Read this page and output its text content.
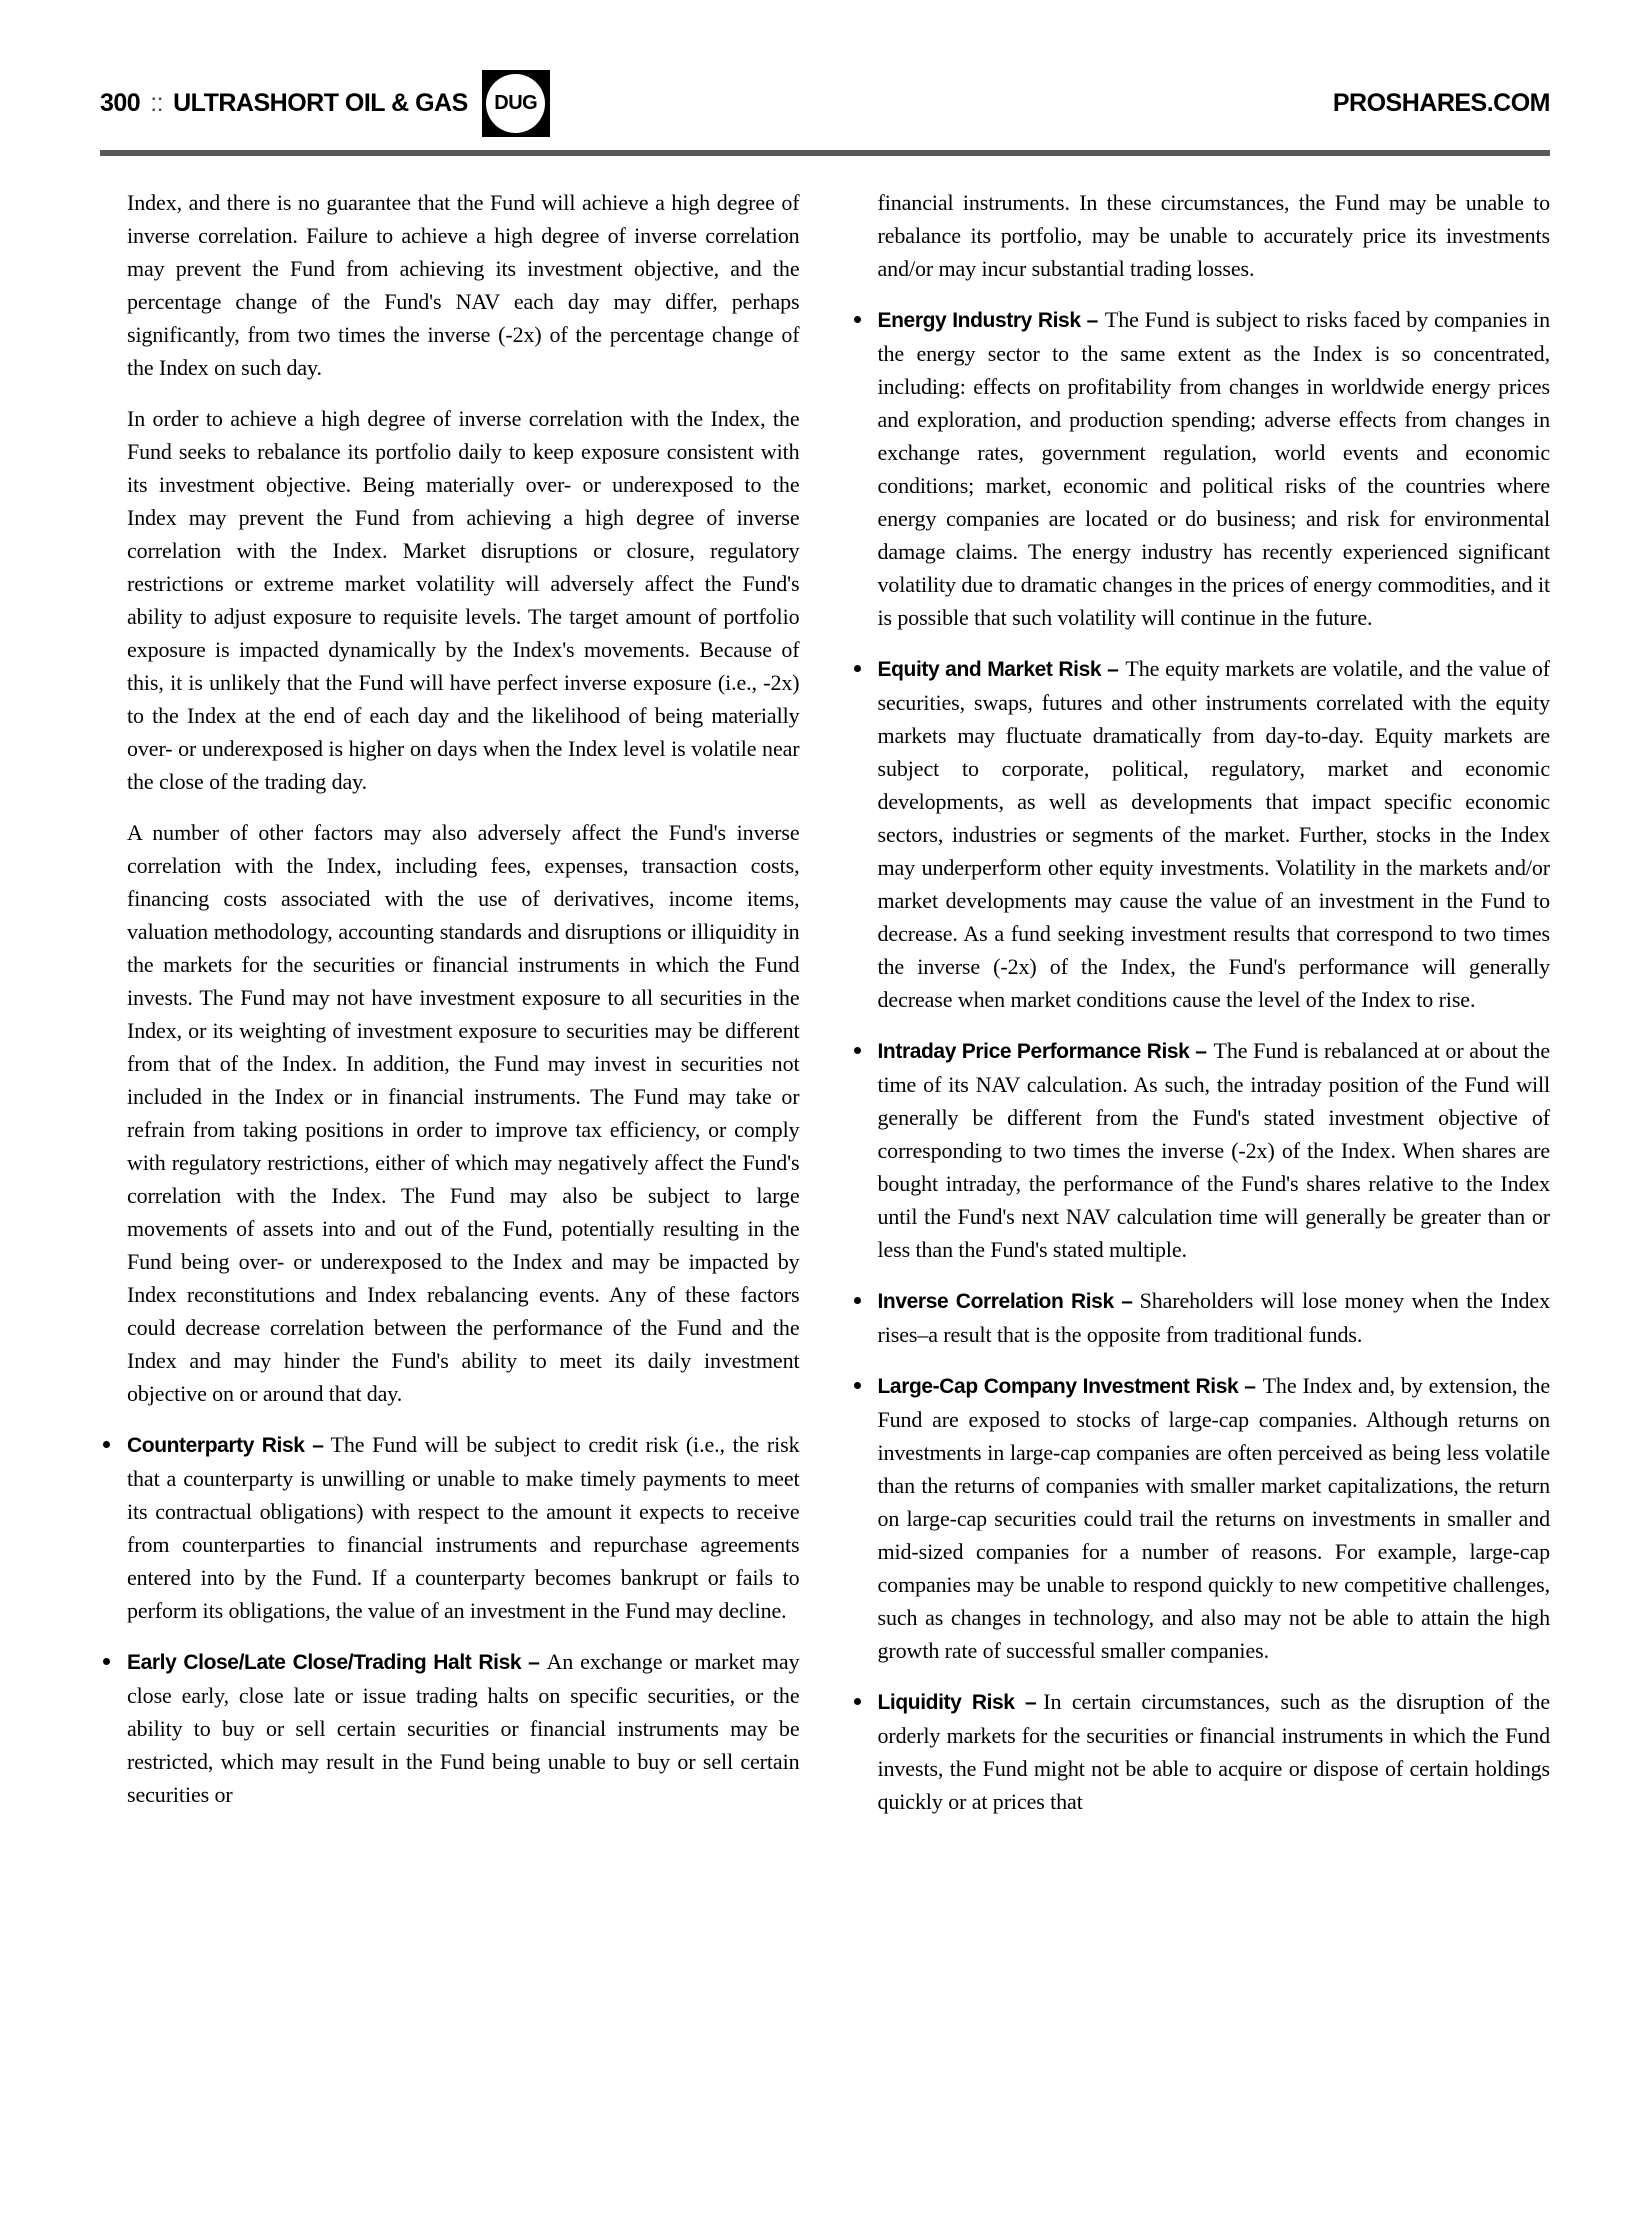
300 :: ULTRASHORT OIL & GAS DUG	PROSHARES.COM

Index, and there is no guarantee that the Fund will achieve a high degree of inverse correlation. Failure to achieve a high degree of inverse correlation may prevent the Fund from achieving its investment objective, and the percentage change of the Fund's NAV each day may differ, perhaps significantly, from two times the inverse (-2x) of the percentage change of the Index on such day.

In order to achieve a high degree of inverse correlation with the Index, the Fund seeks to rebalance its portfolio daily to keep exposure consistent with its investment objective. Being materially over- or underexposed to the Index may prevent the Fund from achieving a high degree of inverse correlation with the Index. Market disruptions or closure, regulatory restrictions or extreme market volatility will adversely affect the Fund's ability to adjust exposure to requisite levels. The target amount of portfolio exposure is impacted dynamically by the Index's movements. Because of this, it is unlikely that the Fund will have perfect inverse exposure (i.e., -2x) to the Index at the end of each day and the likelihood of being materially over- or underexposed is higher on days when the Index level is volatile near the close of the trading day.

A number of other factors may also adversely affect the Fund's inverse correlation with the Index, including fees, expenses, transaction costs, financing costs associated with the use of derivatives, income items, valuation methodology, accounting standards and disruptions or illiquidity in the markets for the securities or financial instruments in which the Fund invests. The Fund may not have investment exposure to all securities in the Index, or its weighting of investment exposure to securities may be different from that of the Index. In addition, the Fund may invest in securities not included in the Index or in financial instruments. The Fund may take or refrain from taking positions in order to improve tax efficiency, or comply with regulatory restrictions, either of which may negatively affect the Fund's correlation with the Index. The Fund may also be subject to large movements of assets into and out of the Fund, potentially resulting in the Fund being over- or underexposed to the Index and may be impacted by Index reconstitutions and Index rebalancing events. Any of these factors could decrease correlation between the performance of the Fund and the Index and may hinder the Fund's ability to meet its daily investment objective on or around that day.

Counterparty Risk – The Fund will be subject to credit risk (i.e., the risk that a counterparty is unwilling or unable to make timely payments to meet its contractual obligations) with respect to the amount it expects to receive from counterparties to financial instruments and repurchase agreements entered into by the Fund. If a counterparty becomes bankrupt or fails to perform its obligations, the value of an investment in the Fund may decline.

Early Close/Late Close/Trading Halt Risk – An exchange or market may close early, close late or issue trading halts on specific securities, or the ability to buy or sell certain securities or financial instruments may be restricted, which may result in the Fund being unable to buy or sell certain securities or

financial instruments. In these circumstances, the Fund may be unable to rebalance its portfolio, may be unable to accurately price its investments and/or may incur substantial trading losses.

Energy Industry Risk – The Fund is subject to risks faced by companies in the energy sector to the same extent as the Index is so concentrated, including: effects on profitability from changes in worldwide energy prices and exploration, and production spending; adverse effects from changes in exchange rates, government regulation, world events and economic conditions; market, economic and political risks of the countries where energy companies are located or do business; and risk for environmental damage claims. The energy industry has recently experienced significant volatility due to dramatic changes in the prices of energy commodities, and it is possible that such volatility will continue in the future.

Equity and Market Risk – The equity markets are volatile, and the value of securities, swaps, futures and other instruments correlated with the equity markets may fluctuate dramatically from day-to-day. Equity markets are subject to corporate, political, regulatory, market and economic developments, as well as developments that impact specific economic sectors, industries or segments of the market. Further, stocks in the Index may underperform other equity investments. Volatility in the markets and/or market developments may cause the value of an investment in the Fund to decrease. As a fund seeking investment results that correspond to two times the inverse (-2x) of the Index, the Fund's performance will generally decrease when market conditions cause the level of the Index to rise.

Intraday Price Performance Risk – The Fund is rebalanced at or about the time of its NAV calculation. As such, the intraday position of the Fund will generally be different from the Fund's stated investment objective of corresponding to two times the inverse (-2x) of the Index. When shares are bought intraday, the performance of the Fund's shares relative to the Index until the Fund's next NAV calculation time will generally be greater than or less than the Fund's stated multiple.

Inverse Correlation Risk – Shareholders will lose money when the Index rises–a result that is the opposite from traditional funds.

Large-Cap Company Investment Risk – The Index and, by extension, the Fund are exposed to stocks of large-cap companies. Although returns on investments in large-cap companies are often perceived as being less volatile than the returns of companies with smaller market capitalizations, the return on large-cap securities could trail the returns on investments in smaller and mid-sized companies for a number of reasons. For example, large-cap companies may be unable to respond quickly to new competitive challenges, such as changes in technology, and also may not be able to attain the high growth rate of successful smaller companies.

Liquidity Risk – In certain circumstances, such as the disruption of the orderly markets for the securities or financial instruments in which the Fund invests, the Fund might not be able to acquire or dispose of certain holdings quickly or at prices that
